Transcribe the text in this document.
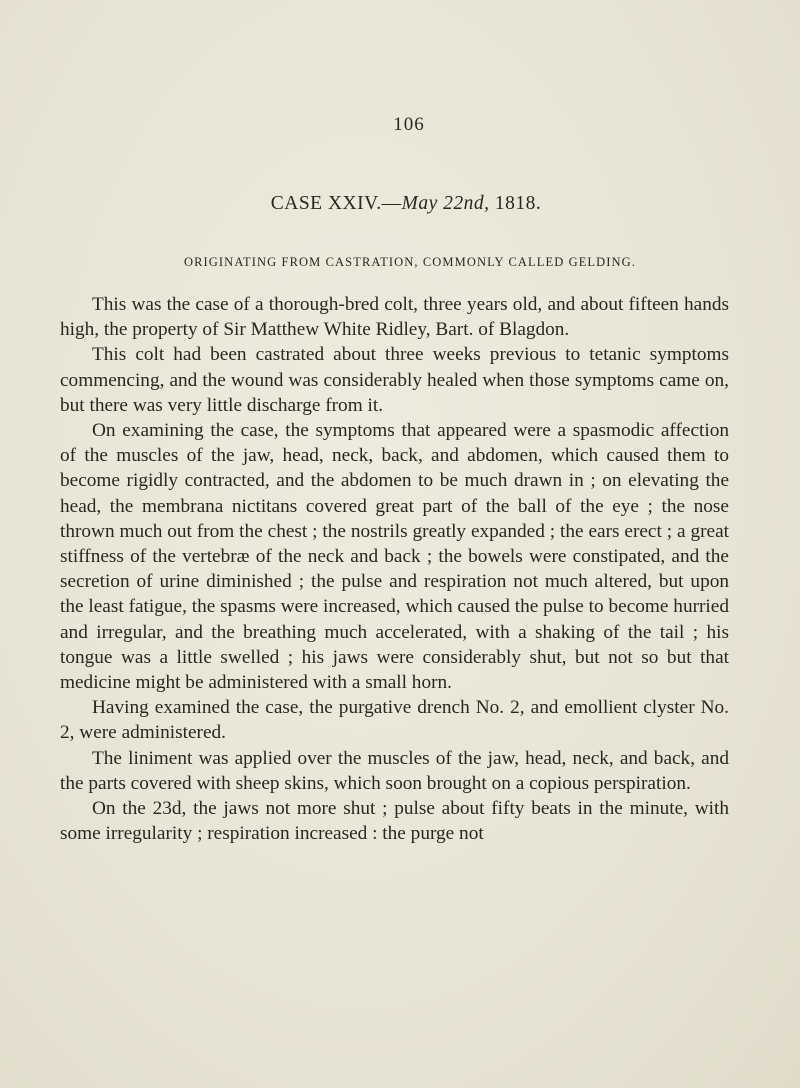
106
CASE XXIV.—May 22nd, 1818.
ORIGINATING FROM CASTRATION, COMMONLY CALLED GELDING.

This was the case of a thorough-bred colt, three years old, and about fifteen hands high, the property of Sir Matthew White Ridley, Bart. of Blagdon.

This colt had been castrated about three weeks previous to tetanic symptoms commencing, and the wound was considerably healed when those symptoms came on, but there was very little discharge from it.

On examining the case, the symptoms that appeared were a spasmodic affection of the muscles of the jaw, head, neck, back, and abdomen, which caused them to become rigidly contracted, and the abdomen to be much drawn in ; on elevating the head, the membrana nictitans covered great part of the ball of the eye ; the nose thrown much out from the chest ; the nostrils greatly expanded ; the ears erect ; a great stiffness of the vertebræ of the neck and back ; the bowels were constipated, and the secretion of urine diminished ; the pulse and respiration not much altered, but upon the least fatigue, the spasms were increased, which caused the pulse to become hurried and irregular, and the breathing much accelerated, with a shaking of the tail ; his tongue was a little swelled ; his jaws were considerably shut, but not so but that medicine might be administered with a small horn.

Having examined the case, the purgative drench No. 2, and emollient clyster No. 2, were administered.

The liniment was applied over the muscles of the jaw, head, neck, and back, and the parts covered with sheep skins, which soon brought on a copious perspiration.

On the 23d, the jaws not more shut ; pulse about fifty beats in the minute, with some irregularity ; respiration increased : the purge not
